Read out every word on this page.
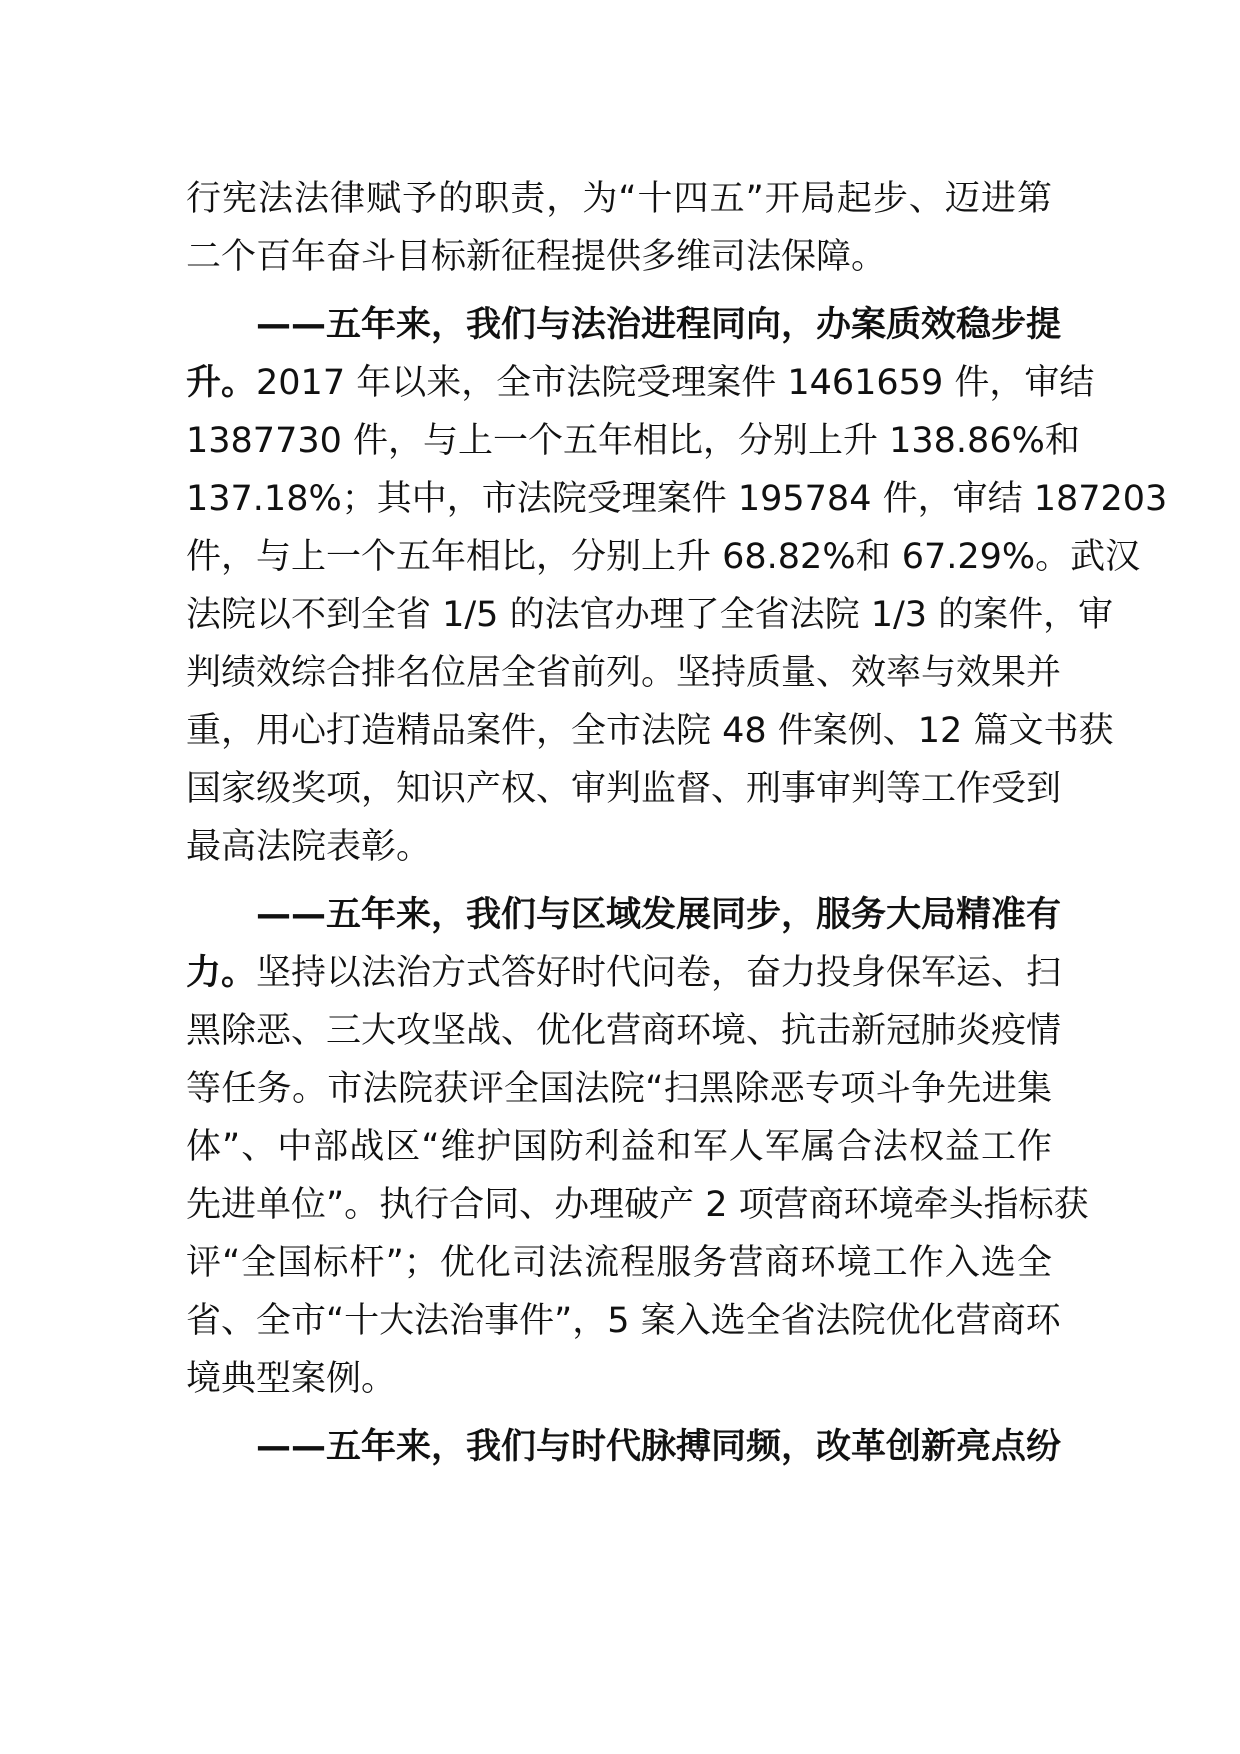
行宪法法律赋予的职责，为“十四五”开局起步、迈进第
二个百年奋斗目标新征程提供多维司法保障。
——五年来，我们与法治进程同向，办案质效稳步提
升。2017 年以来，全市法院受理案件 1461659 件，审结
1387730 件，与上一个五年相比，分别上升 138.86%和
137.18%；其中，市法院受理案件 195784 件，审结 187203
件，与上一个五年相比，分别上升 68.82%和 67.29%。武汉
法院以不到全省 1/5 的法官办理了全省法院 1/3 的案件，审
判绩效综合排名位居全省前列。坚持质量、效率与效果并
重，用心打造精品案件，全市法院 48 件案例、12 篇文书获
国家级奖项，知识产权、审判监督、刑事审判等工作受到
最高法院表彰。
——五年来，我们与区域发展同步，服务大局精准有
力。坚持以法治方式答好时代问卷，奋力投身保军运、扫
黑除恶、三大攻坚战、优化营商环境、抗击新冠肺炎疫情
等任务。市法院获评全国法院“扫黑除恶专项斗争先进集
体”、中部战区“维护国防利益和军人军属合法权益工作
先进单位”。执行合同、办理破产 2 项营商环境牵头指标获
评“全国标杆”；优化司法流程服务营商环境工作入选全
省、全市“十大法治事件”，5 案入选全省法院优化营商环
境典型案例。
——五年来，我们与时代脉搏同频，改革创新亮点纷
